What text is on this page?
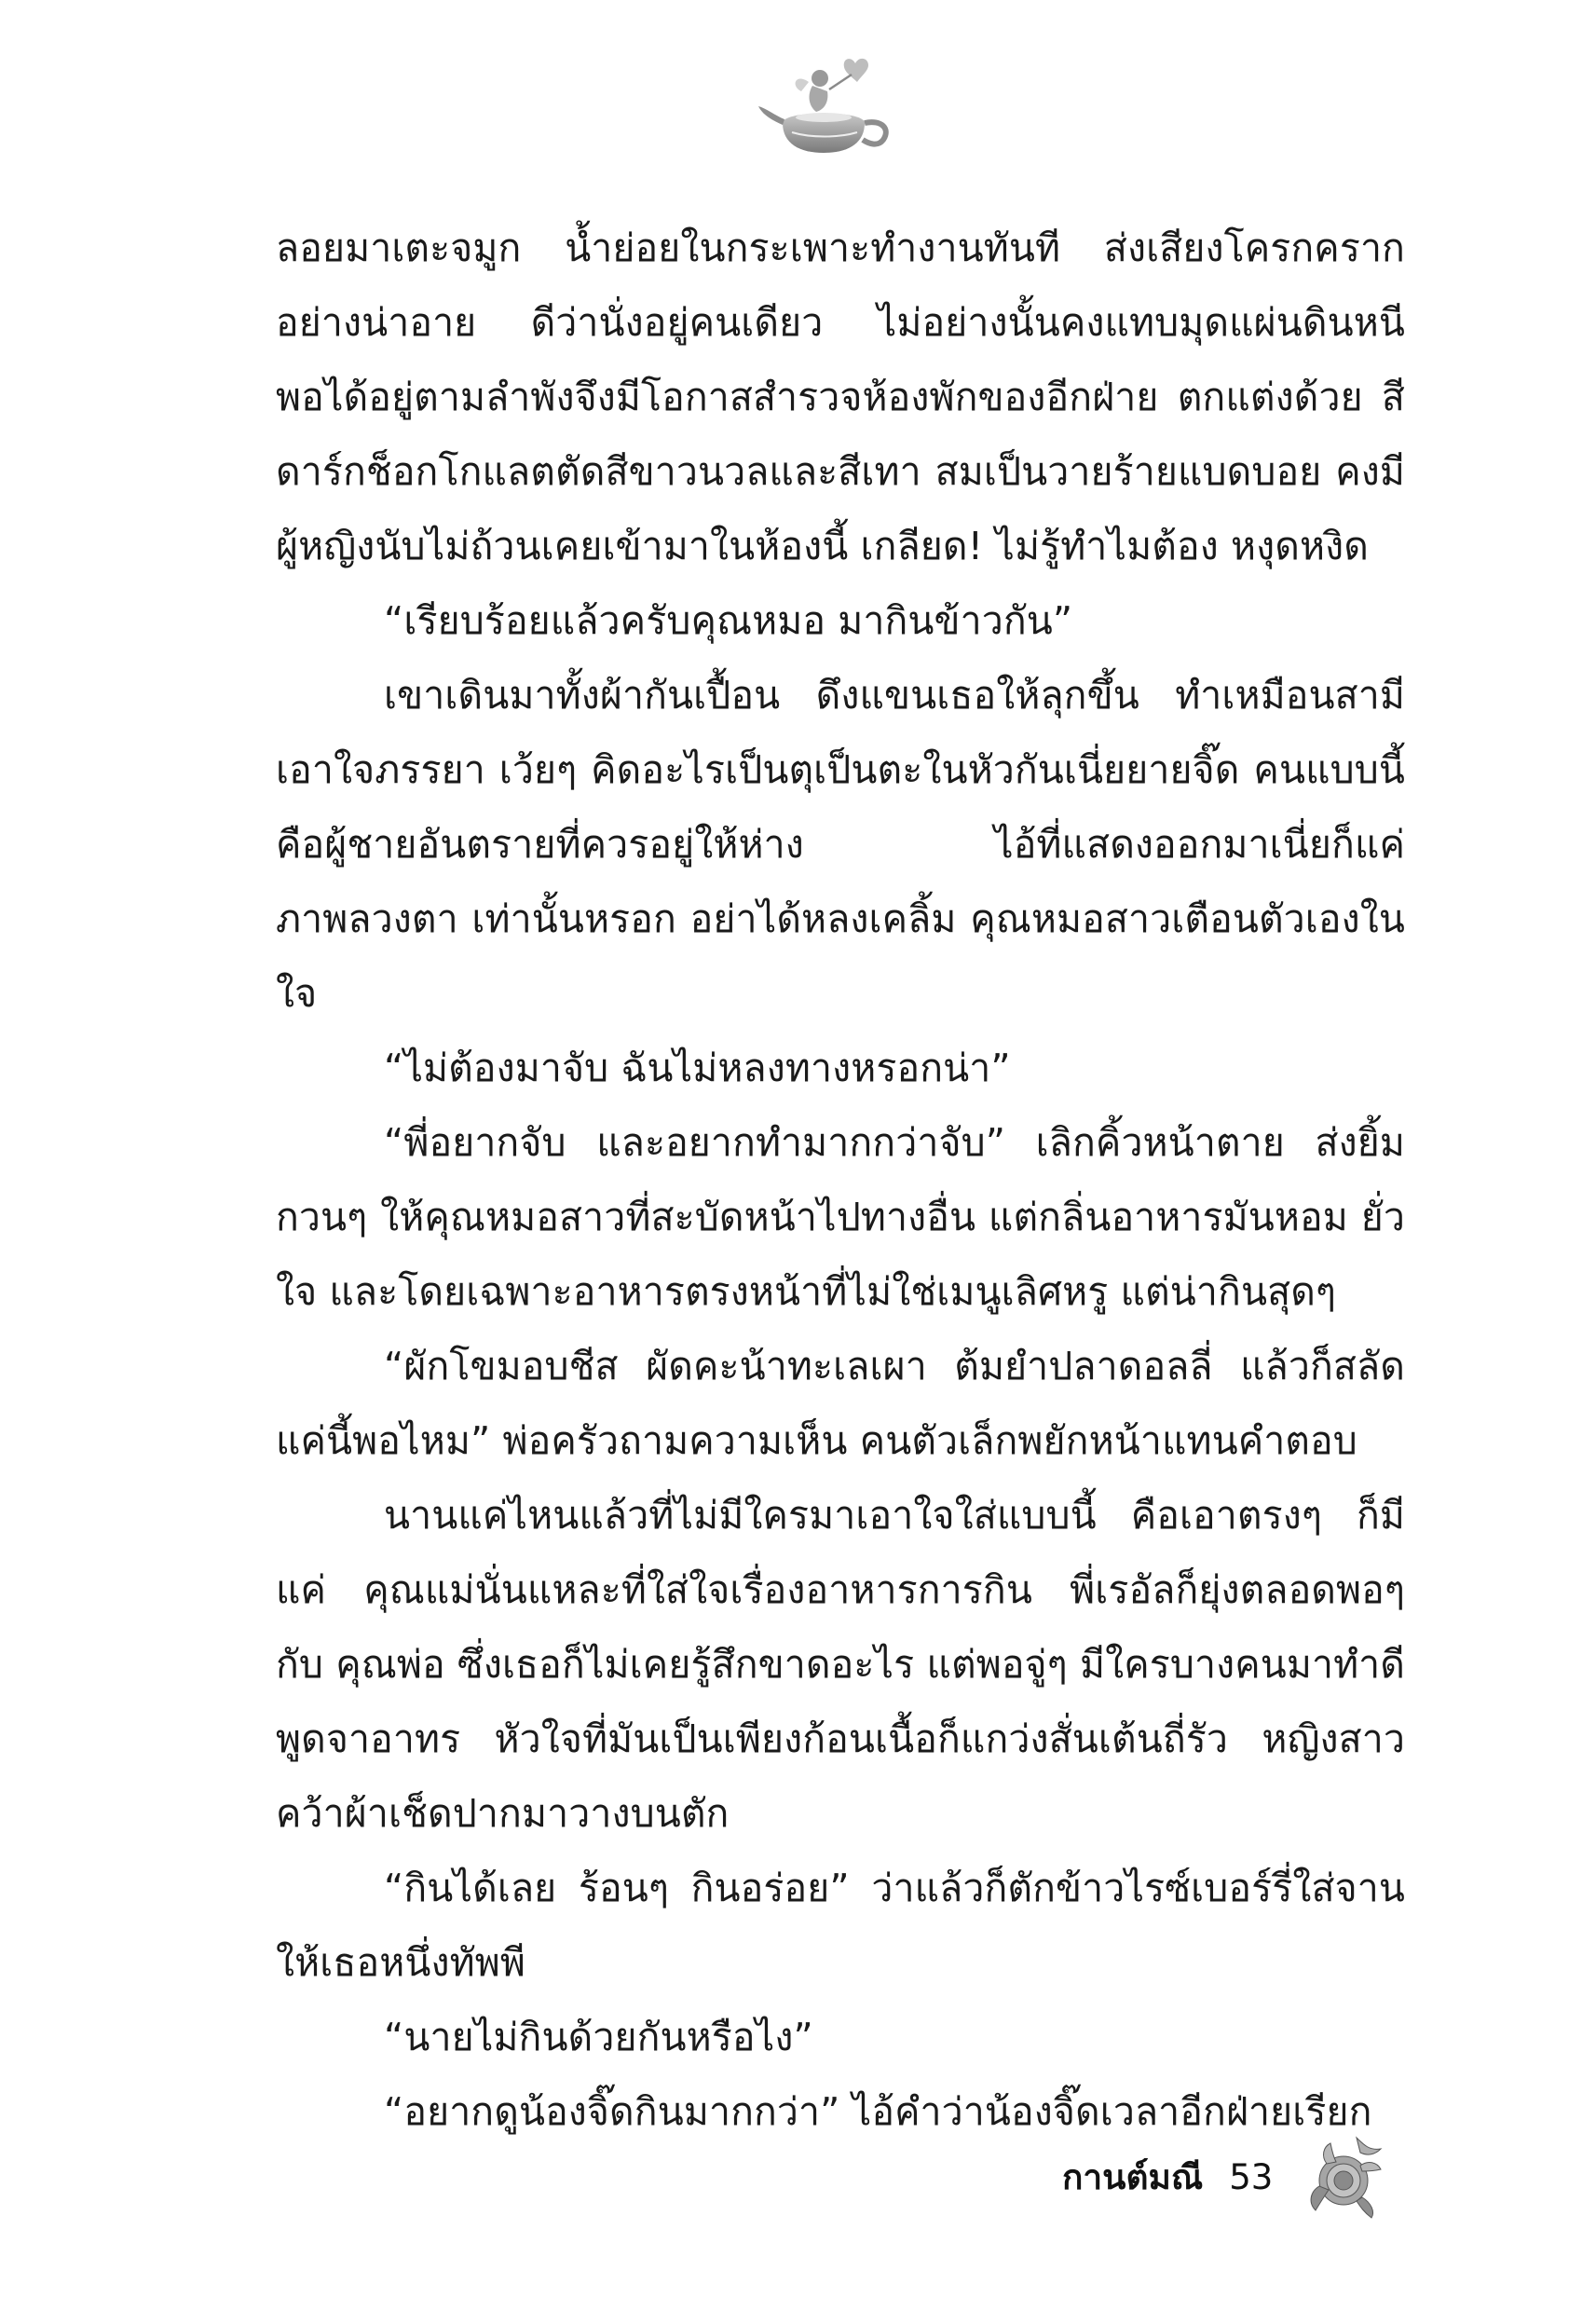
ลอยมาเตะจมูก น้ำย่อยในกระเพาะทำงานทันที ส่งเสียงโครกคราก อย่างน่าอาย ดีว่านั่งอยู่คนเดียว ไม่อย่างนั้นคงแทบมุดแผ่นดินหนี พอได้อยู่ตามลำพังจึงมีโอกาสสำรวจห้องพักของอีกฝ่าย ตกแต่งด้วย สีดาร์กช็อกโกแลตตัดสีขาวนวลและสีเทา สมเป็นวายร้ายแบดบอย คงมีผู้หญิงนับไม่ถ้วนเคยเข้ามาในห้องนี้ เกลียด! ไม่รู้ทำไมต้อง หงุดหงิด

“เรียบร้อยแล้วครับคุณหมอ มากินข้าวกัน”

เขาเดินมาทั้งผ้ากันเปื้อน ดึงแขนเธอให้ลุกขึ้น ทำเหมือนสามี เอาใจภรรยา เว้ยๆ คิดอะไรเป็นตุเป็นตะในหัวกันเนี่ยยายจิ๊ด คนแบบนี้ คือผู้ชายอันตรายที่ควรอยู่ให้ห่าง ไอ้ที่แสดงออกมาเนี่ยก็แค่ภาพลวงตา เท่านั้นหรอก อย่าได้หลงเคลิ้ม คุณหมอสาวเตือนตัวเองในใจ

“ไม่ต้องมาจับ ฉันไม่หลงทางหรอกน่า”

“พี่อยากจับ และอยากทำมากกว่าจับ” เลิกคิ้วหน้าตาย ส่งยิ้ม กวนๆ ให้คุณหมอสาวที่สะบัดหน้าไปทางอื่น แต่กลิ่นอาหารมันหอม ยั่วใจ และโดยเฉพาะอาหารตรงหน้าที่ไม่ใช่เมนูเลิศหรู แต่น่ากินสุดๆ

“ผักโขมอบชีส ผัดคะน้าทะเลเผา ต้มยำปลาดอลลี่ แล้วก็สลัด แค่นี้พอไหม” พ่อครัวถามความเห็น คนตัวเล็กพยักหน้าแทนคำตอบ

นานแค่ไหนแล้วที่ไม่มีใครมาเอาใจใส่แบบนี้ คือเอาตรงๆ ก็มีแค่ คุณแม่นั่นแหละที่ใส่ใจเรื่องอาหารการกิน พี่เรอัลก็ยุ่งตลอดพอๆ กับ คุณพ่อ ซึ่งเธอก็ไม่เคยรู้สึกขาดอะไร แต่พอจู่ๆ มีใครบางคนมาทำดี พูดจาอาทร หัวใจที่มันเป็นเพียงก้อนเนื้อก็แกว่งสั่นเต้นถี่รัว หญิงสาว คว้าผ้าเช็ดปากมาวางบนตัก

“กินได้เลย ร้อนๆ กินอร่อย” ว่าแล้วก็ตักข้าวไรซ์เบอร์รี่ใส่จาน ให้เธอหนึ่งทัพพี

“นายไม่กินด้วยกันหรือไง”

“อยากดูน้องจิ๊ดกินมากกว่า” ไอ้คำว่าน้องจิ๊ดเวลาอีกฝ่ายเรียก

กานต์มณี 53
